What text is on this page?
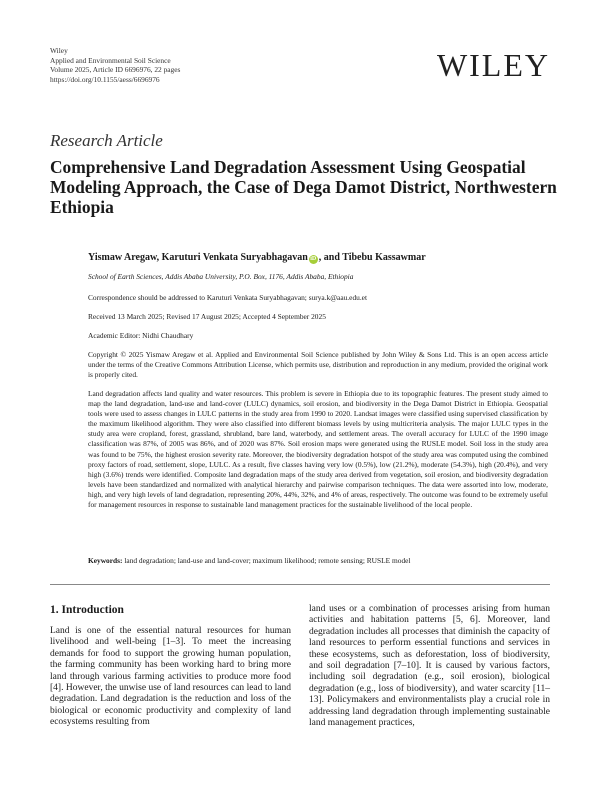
Wiley
Applied and Environmental Soil Science
Volume 2025, Article ID 6696976, 22 pages
https://doi.org/10.1155/aess/6696976	WILEY
Research Article
Comprehensive Land Degradation Assessment Using Geospatial Modeling Approach, the Case of Dega Damot District, Northwestern Ethiopia
Yismaw Aregaw, Karuturi Venkata Suryabhagavan iD , and Tibebu Kassawmar
School of Earth Sciences, Addis Ababa University, P.O. Box, 1176, Addis Ababa, Ethiopia
Correspondence should be addressed to Karuturi Venkata Suryabhagavan; surya.k@aau.edu.et
Received 13 March 2025; Revised 17 August 2025; Accepted 4 September 2025
Academic Editor: Nidhi Chaudhary
Copyright © 2025 Yismaw Aregaw et al. Applied and Environmental Soil Science published by John Wiley & Sons Ltd. This is an open access article under the terms of the Creative Commons Attribution License, which permits use, distribution and reproduction in any medium, provided the original work is properly cited.
Land degradation affects land quality and water resources. This problem is severe in Ethiopia due to its topographic features. The present study aimed to map the land degradation, land-use and land-cover (LULC) dynamics, soil erosion, and biodiversity in the Dega Damot District in Ethiopia. Geospatial tools were used to assess changes in LULC patterns in the study area from 1990 to 2020. Landsat images were classified using supervised classification by the maximum likelihood algorithm. They were also classified into different biomass levels by using multicriteria analysis. The major LULC types in the study area were cropland, forest, grassland, shrubland, bare land, waterbody, and settlement areas. The overall accuracy for LULC of the 1990 image classification was 87%, of 2005 was 86%, and of 2020 was 87%. Soil erosion maps were generated using the RUSLE model. Soil loss in the study area was found to be 75%, the highest erosion severity rate. Moreover, the biodiversity degradation hotspot of the study area was computed using the combined proxy factors of road, settlement, slope, LULC. As a result, five classes having very low (0.5%), low (21.2%), moderate (54.3%), high (20.4%), and very high (3.6%) trends were identified. Composite land degradation maps of the study area derived from vegetation, soil erosion, and biodiversity degradation levels have been standardized and normalized with analytical hierarchy and pairwise comparison techniques. The data were assorted into low, moderate, high, and very high levels of land degradation, representing 20%, 44%, 32%, and 4% of areas, respectively. The outcome was found to be extremely useful for management resources in response to sustainable land management practices for the sustainable livelihood of the local people.
Keywords: land degradation; land-use and land-cover; maximum likelihood; remote sensing; RUSLE model
1. Introduction
Land is one of the essential natural resources for human livelihood and well-being [1–3]. To meet the increasing demands for food to support the growing human population, the farming community has been working hard to bring more land through various farming activities to produce more food [4]. However, the unwise use of land resources can lead to land degradation. Land degradation is the reduction and loss of the biological or economic productivity and complexity of land ecosystems resulting from
land uses or a combination of processes arising from human activities and habitation patterns [5, 6]. Moreover, land degradation includes all processes that diminish the capacity of land resources to perform essential functions and services in these ecosystems, such as deforestation, loss of biodiversity, and soil degradation [7–10]. It is caused by various factors, including soil degradation (e.g., soil erosion), biological degradation (e.g., loss of biodiversity), and water scarcity [11–13]. Policymakers and environmentalists play a crucial role in addressing land degradation through implementing sustainable land management practices,
